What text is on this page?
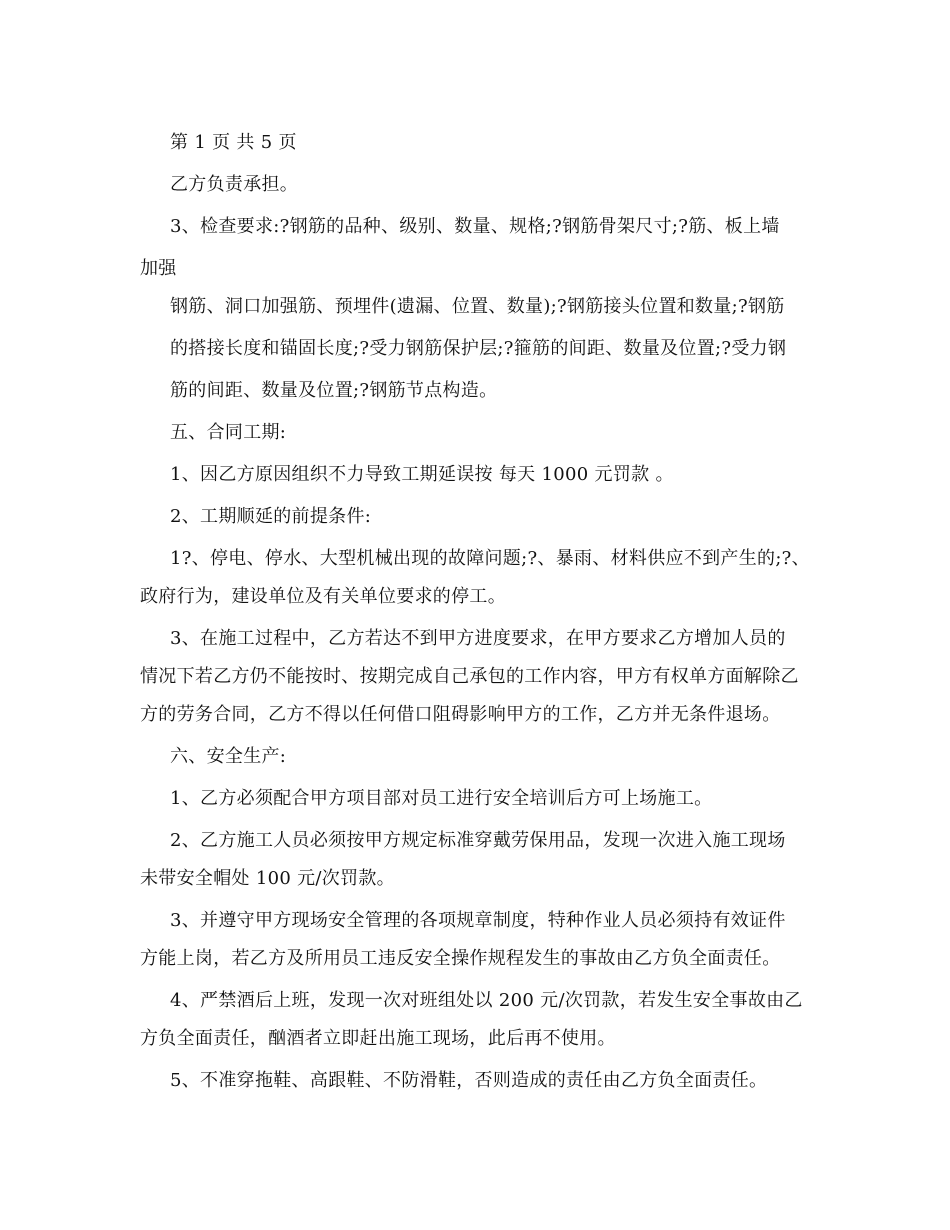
第 1 页 共 5 页
乙方负责承担。
3、检查要求:?钢筋的品种、级别、数量、规格;?钢筋骨架尺寸;?筋、板上墙
加强
钢筋、洞口加强筋、预埋件(遗漏、位置、数量);?钢筋接头位置和数量;?钢筋
的搭接长度和锚固长度;?受力钢筋保护层;?箍筋的间距、数量及位置;?受力钢
筋的间距、数量及位置;?钢筋节点构造。
五、合同工期:
1、因乙方原因组织不力导致工期延误按 每天 1000 元罚款 。
2、工期顺延的前提条件:
1?、停电、停水、大型机械出现的故障问题;?、暴雨、材料供应不到产生的;?、
政府行为，建设单位及有关单位要求的停工。
3、在施工过程中，乙方若达不到甲方进度要求，在甲方要求乙方增加人员的
情况下若乙方仍不能按时、按期完成自己承包的工作内容，甲方有权单方面解除乙
方的劳务合同，乙方不得以任何借口阻碍影响甲方的工作，乙方并无条件退场。
六、安全生产:
1、乙方必须配合甲方项目部对员工进行安全培训后方可上场施工。
2、乙方施工人员必须按甲方规定标准穿戴劳保用品，发现一次进入施工现场
未带安全帽处 100 元/次罚款。
3、并遵守甲方现场安全管理的各项规章制度，特种作业人员必须持有效证件
方能上岗，若乙方及所用员工违反安全操作规程发生的事故由乙方负全面责任。
4、严禁酒后上班，发现一次对班组处以 200 元/次罚款，若发生安全事故由乙
方负全面责任，酗酒者立即赶出施工现场，此后再不使用。
5、不准穿拖鞋、高跟鞋、不防滑鞋，否则造成的责任由乙方负全面责任。
